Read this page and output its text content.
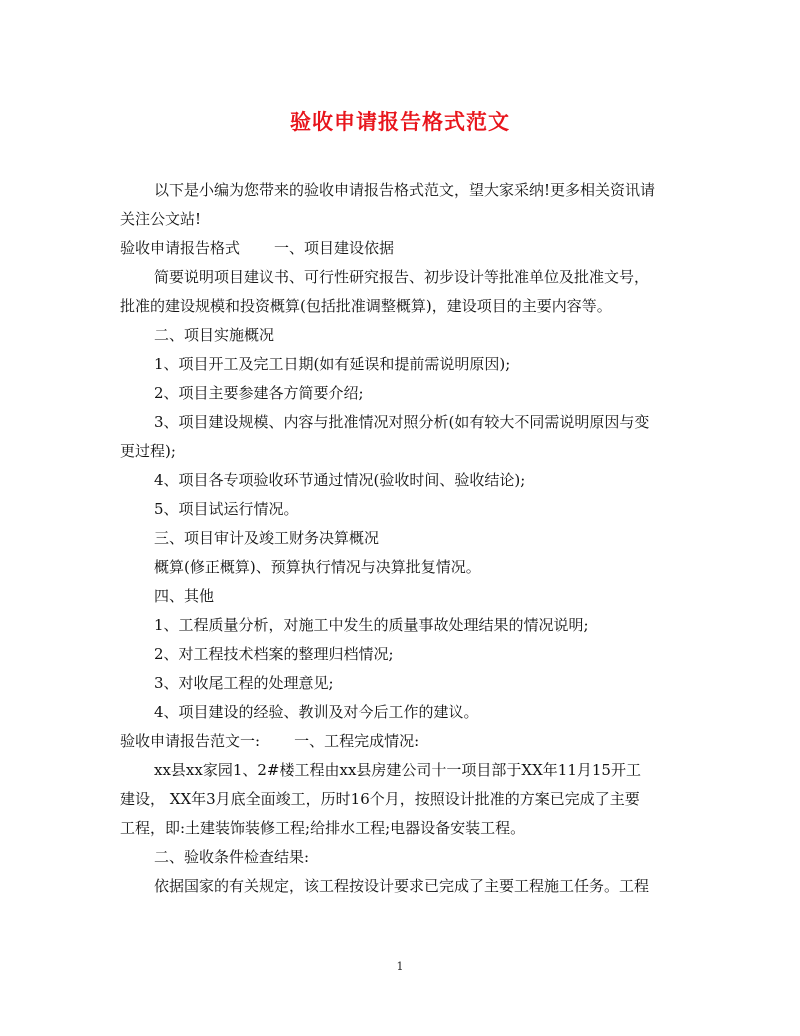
验收申请报告格式范文

以下是小编为您带来的验收申请报告格式范文，望大家采纳!更多相关资讯请

关注公文站!

验收申请报告格式 一、项目建设依据

简要说明项目建议书、可行性研究报告、初步设计等批准单位及批准文号，

批准的建设规模和投资概算(包括批准调整概算)，建设项目的主要内容等。

二、项目实施概况

1、项目开工及完工日期(如有延误和提前需说明原因);

2、项目主要参建各方简要介绍;

3、项目建设规模、内容与批准情况对照分析(如有较大不同需说明原因与变

更过程);

4、项目各专项验收环节通过情况(验收时间、验收结论);

5、项目试运行情况。

三、项目审计及竣工财务决算概况

概算(修正概算)、预算执行情况与决算批复情况。

四、其他

1、工程质量分析，对施工中发生的质量事故处理结果的情况说明;

2、对工程技术档案的整理归档情况;

3、对收尾工程的处理意见;

4、项目建设的经验、教训及对今后工作的建议。

验收申请报告范文一: 一、工程完成情况:

xx县xx家园1、2#楼工程由xx县房建公司十一项目部于XX年11月15开工

建设， XX年3月底全面竣工，历时16个月，按照设计批准的方案已完成了主要

工程，即:土建装饰装修工程;给排水工程;电器设备安装工程。

二、验收条件检查结果:

依据国家的有关规定，该工程按设计要求已完成了主要工程施工任务。工程

1
